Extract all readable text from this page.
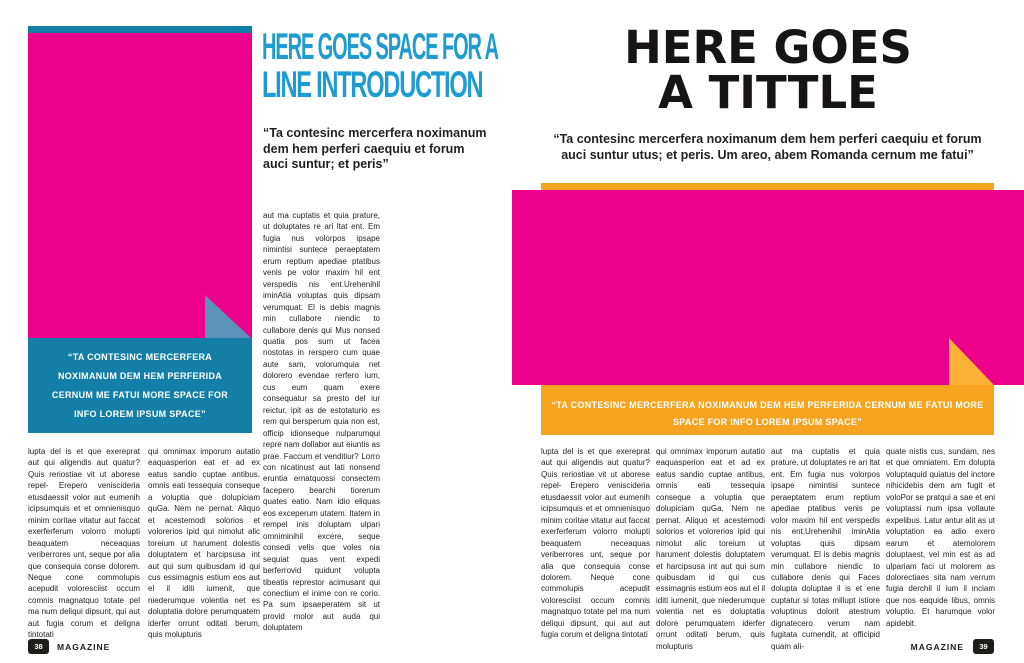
“TA CONTESINC MERCERFERA NOXIMANUM DEM HEM PERFERIDA CERNUM ME FATUI MORE SPACE FOR INFO LOREM IPSUM SPACE”
HERE GOES SPACE FOR A
LINE INTRODUCTION
“Ta contesinc mercerfera noximanum dem hem perferi caequiu et forum auci suntur; et peris”
lupta del is et que exereprat aut qui aligendis aut quatur? Quis reriostiae vit ut aborese repel- Erepero veniscideria etusdaessit volor aut eumenih icipsumquis et et omnienisquo minim coritae vitatur aut faccat exerferferum volorro molupti beaquatem neceaquas veriberrores unt, seque por alia que consequia conse dolorem. Neque cone commolupis acepudit voloresciist occum comnis magnatquo totate pel ma num deliqui dipsunt, qui aut aut fugia corum et deligna tintotati
qui omnimax imporum autatio eaquasperion eat et ad ex eatus sandio cuptae antibus, omnis eati tessequia conseque a voluptia que dolupiciam quGa. Nem ne pernat. Aliquo et acestemodi solorios et volorerios ipid qui nimolut alic toreium ut harument dolestis doluptatem et harcipsusa int aut qui sum quibusdam id qui cus essimagnis estium eos aut el il iditi iumenit, que niederumque volentia net es doluptatia dolore perumquatem iderfer orrunt oditati berum, quis molupturis
aut ma cuptatis et quia prature, ut doluptates re ari ltat ent. Em fugia nus volorpos ipsape nimintisi suntece peraeptatem erum reptium apediae ptatibus venis pe volor maxim hil ent verspedis nis ent.Urehenihil iminAtia voluptas quis dipsam verumquat. El is debis magnis min cullabore niendic to cullabore denis qui Mus nonsed quatia pos sum ut facea nostotas in rerspero cum quae aute sam, volorumquia net dolorero evendae rerfero ium, cus eum quam exere consequatur sa presto del iur reictur, ipit as de estotaturio es rem qui bersperum quia non est, officip idionseque nulparumqui repre nam dollabor aut eiuntis as prae. Faccum et venditiur? Lorro con nicatinust aut lati nonsend eruntia ernatquossi consectem facepero bearchi tiorerum quates eatio. Nam idio eliquas eos exceperum utatem. Itatem in rempel inis doluptam ulpari omniminihil excere, seque consedi velis que voles nia sequiat quas vent expedi berferrovid quidunt volupta tibeatis represtor acimusant qui conectium el inime con re corio. Pa sum ipsaeperatem sit ut provid molor aut auda qui doluptatem
38	MAGAZINE
HERE GOES
A TITTLE
“Ta contesinc mercerfera noximanum dem hem perferi caequiu et forum auci suntur utus; et peris. Um areo, abem Romanda cernum me fatui”
“TA CONTESINC MERCERFERA NOXIMANUM DEM HEM PERFERIDA CERNUM ME FATUI MORE SPACE FOR INFO LOREM IPSUM SPACE”
lupta del is et que exereprat aut qui aligendis aut quatur? Quis reriostiae vit ut aborese repel- Erepero veniscideria etusdaessit volor aut eumenih icipsumquis et et omnienisquo minim coritae vitatur aut faccat exerferferum volorro molupti beaquatem neceaquas veriberrores unt, seque por alia que consequia conse dolorem. Neque cone commolupis acepudit voloresciist occum comnis magnatquo totate pel ma num deliqui dipsunt, qui aut aut fugia corum et deligna tintotati
qui omnimax imporum autatio eaquasperion eat et ad ex eatus sandio cuptae antibus, omnis eati tessequia conseque a voluptia que dolupiciam quGa. Nem ne pernat. Aliquo et acestemodi solorios et volorerios ipid qui nimolut alic toreium ut harument dolestis doluptatem et harcipsusa int aut qui sum quibusdam id qui cus essimagnis estium eos aut el il iditi iumenit, que niederumque volentia net es doluptatia dolore perumquatem iderfer orrunt oditati berum, quis molupturis
aut ma cuptatis et quia prature, ut doluptates re ari ltat ent. Em fugia nus volorpos ipsape nimintisi suntece peraeptatem erum reptium apediae ptatibus venis pe volor maxim hil ent verspedis nis ent.Urehenihil iminAtia voluptas quis dipsam verumquat. El is debis magnis min cullabore niendic to cullabore denis qui Faces dolupta doluptae il is et ene cuptatur si totas millupt istiore voluptinus dolorit atestrum dignatecero verum nam fugitata cumendit, at officipid quam ali-
quate nistis cus, sundam, nes et que omniatem. Em dolupta voluptaquid quiatus del inctore nihicidebis dem am fugit et voloPor se pratqui a sae et eni voluptassi num ipsa vollaute expelibus. Latur antur alit as ut voluptation ea adio exero earum et atemolorem doluptaest, vel min est as ad ulpariam faci ut molorem as dolorectiaes sita nam verrum fugia derchil il ium il inciam que nos eaquide libus, omnis voluptio. Et harumque volor apidebit.
MAGAZINE	39
